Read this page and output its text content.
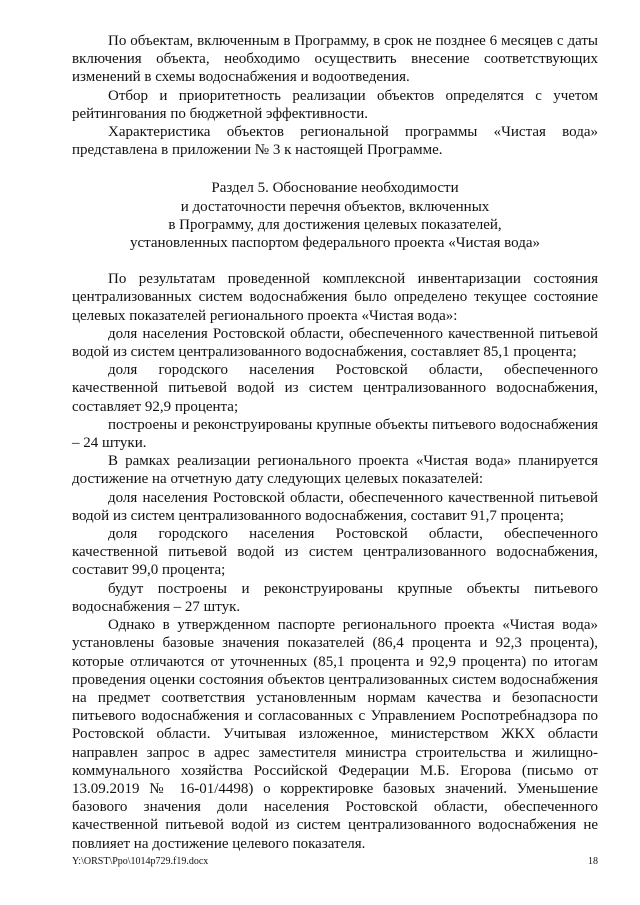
По объектам, включенным в Программу, в срок не позднее 6 месяцев с даты включения объекта, необходимо осуществить внесение соответствующих изменений в схемы водоснабжения и водоотведения.

Отбор и приоритетность реализации объектов определятся с учетом рейтингования по бюджетной эффективности.

Характеристика объектов региональной программы «Чистая вода» представлена в приложении № 3 к настоящей Программе.

Раздел 5. Обоснование необходимости
и достаточности перечня объектов, включенных
в Программу, для достижения целевых показателей,
установленных паспортом федерального проекта «Чистая вода»

По результатам проведенной комплексной инвентаризации состояния централизованных систем водоснабжения было определено текущее состояние целевых показателей регионального проекта «Чистая вода»:

доля населения Ростовской области, обеспеченного качественной питьевой водой из систем централизованного водоснабжения, составляет 85,1 процента;

доля городского населения Ростовской области, обеспеченного качественной питьевой водой из систем централизованного водоснабжения, составляет 92,9 процента;

построены и реконструированы крупные объекты питьевого водоснабжения – 24 штуки.

В рамках реализации регионального проекта «Чистая вода» планируется достижение на отчетную дату следующих целевых показателей:

доля населения Ростовской области, обеспеченного качественной питьевой водой из систем централизованного водоснабжения, составит 91,7 процента;

доля городского населения Ростовской области, обеспеченного качественной питьевой водой из систем централизованного водоснабжения, составит 99,0 процента;

будут построены и реконструированы крупные объекты питьевого водоснабжения – 27 штук.

Однако в утвержденном паспорте регионального проекта «Чистая вода» установлены базовые значения показателей (86,4 процента и 92,3 процента), которые отличаются от уточненных (85,1 процента и 92,9 процента) по итогам проведения оценки состояния объектов централизованных систем водоснабжения на предмет соответствия установленным нормам качества и безопасности питьевого водоснабжения и согласованных с Управлением Роспотребнадзора по Ростовской области. Учитывая изложенное, министерством ЖКХ области направлен запрос в адрес заместителя министра строительства и жилищно-коммунального хозяйства Российской Федерации М.Б. Егорова (письмо от 13.09.2019 № 16-01/4498) о корректировке базовых значений. Уменьшение базового значения доли населения Ростовской области, обеспеченного качественной питьевой водой из систем централизованного водоснабжения не повлияет на достижение целевого показателя.

Y:\ORST\Ppo\1014p729.f19.docx	18
